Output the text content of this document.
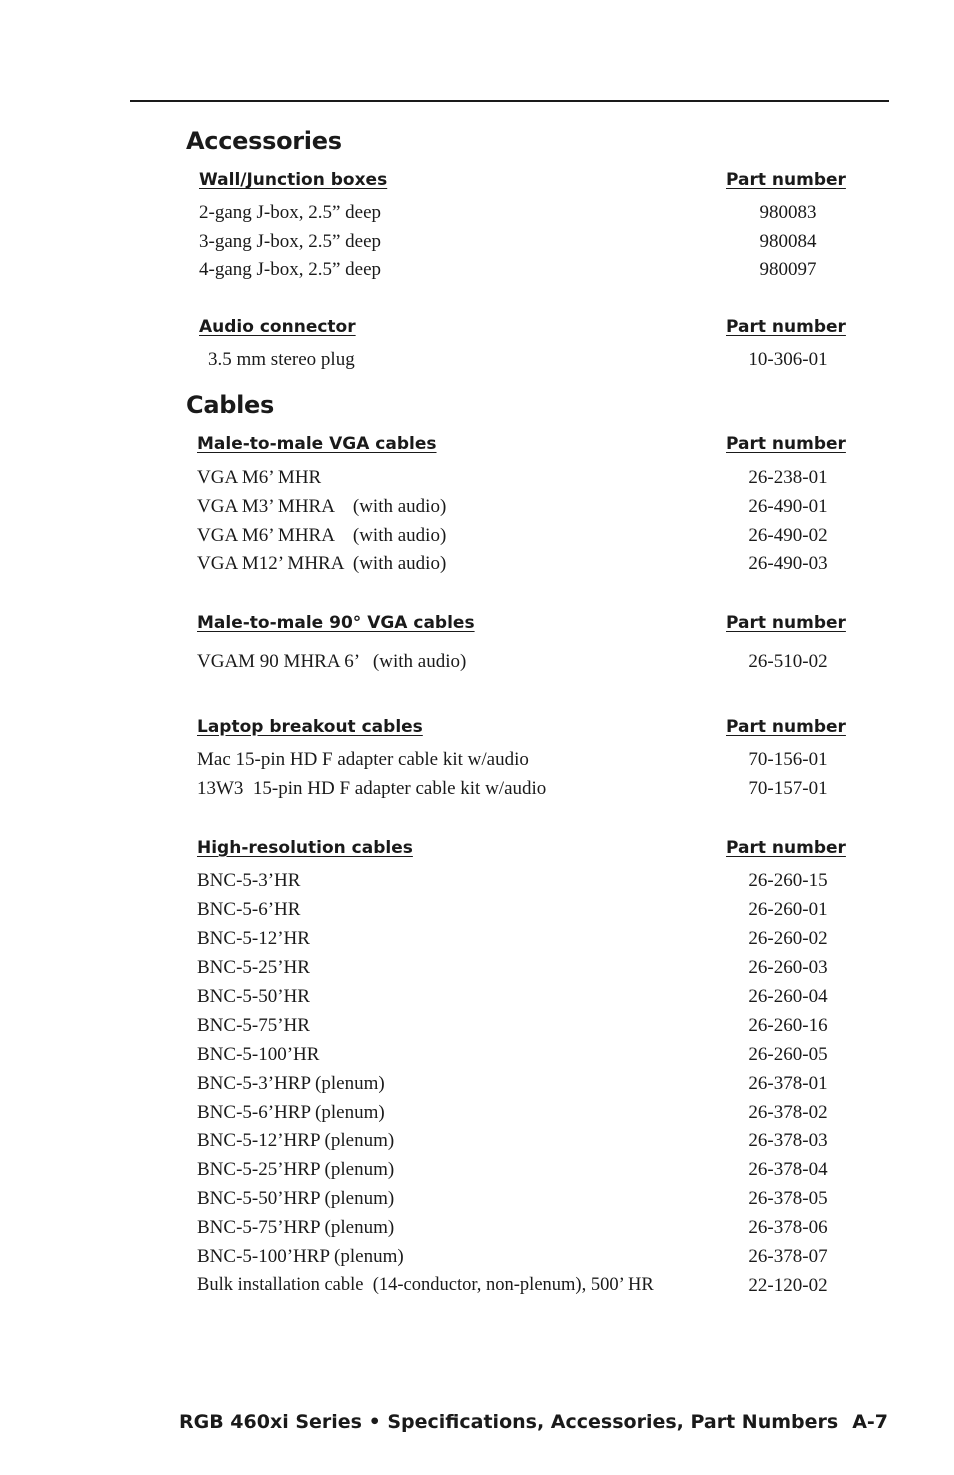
Accessories
Wall/Junction boxes	Part number
2-gang J-box, 2.5” deep	980083
3-gang J-box, 2.5” deep	980084
4-gang J-box, 2.5” deep	980097
Audio connector	Part number
3.5 mm stereo plug	10-306-01
Cables
Male-to-male VGA cables	Part number
VGA M6’ MHR	26-238-01
VGA M3’ MHRA    (with audio)	26-490-01
VGA M6’ MHRA    (with audio)	26-490-02
VGA M12’ MHRA  (with audio)	26-490-03
Male-to-male 90° VGA cables	Part number
VGAM 90 MHRA 6’   (with audio)	26-510-02
Laptop breakout cables	Part number
Mac 15-pin HD F adapter cable kit w/audio	70-156-01
13W3  15-pin HD F adapter cable kit w/audio	70-157-01
High-resolution cables	Part number
BNC-5-3’HR	26-260-15
BNC-5-6’HR	26-260-01
BNC-5-12’HR	26-260-02
BNC-5-25’HR	26-260-03
BNC-5-50’HR	26-260-04
BNC-5-75’HR	26-260-16
BNC-5-100’HR	26-260-05
BNC-5-3’HRP (plenum)	26-378-01
BNC-5-6’HRP (plenum)	26-378-02
BNC-5-12’HRP (plenum)	26-378-03
BNC-5-25’HRP (plenum)	26-378-04
BNC-5-50’HRP (plenum)	26-378-05
BNC-5-75’HRP (plenum)	26-378-06
BNC-5-100’HRP (plenum)	26-378-07
Bulk installation cable  (14-conductor, non-plenum), 500’ HR	22-120-02
RGB 460xi Series • Specifications, Accessories, Part Numbers A-7
